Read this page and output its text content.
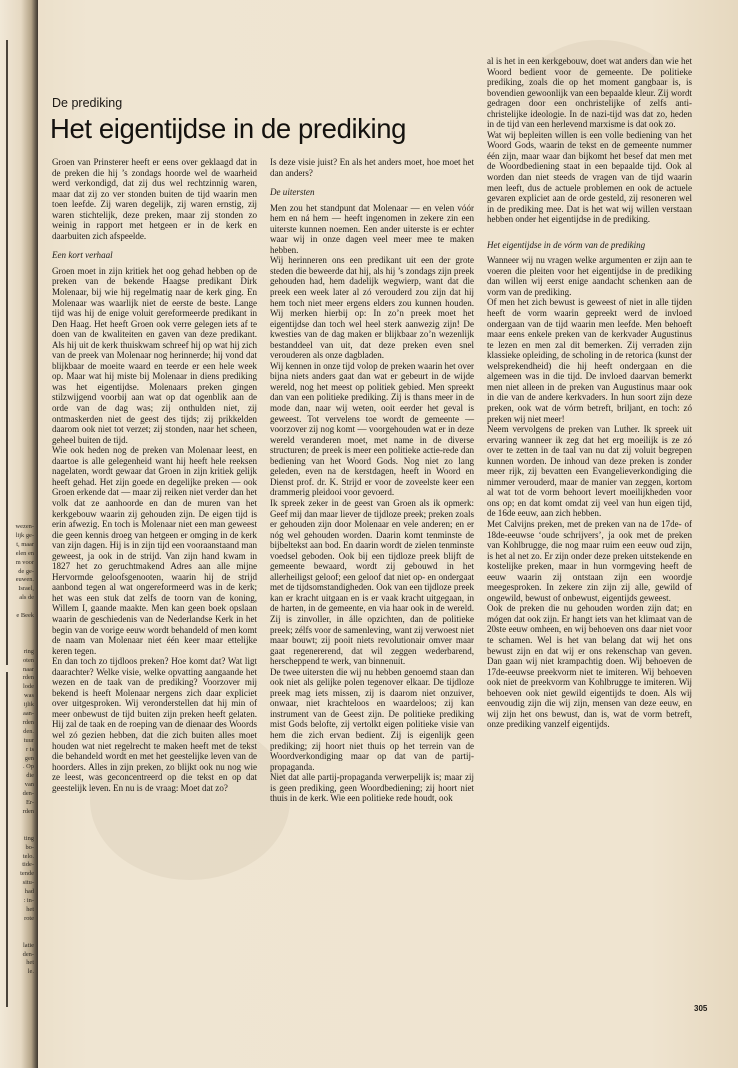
wezen-
lijk ge-
t, maar
elen en
m voor
de ge-
euwen.
Israel,
als de

e Beek

ring
oten
naar
rden
lode
was
ijlik
aan-
rden
den.
tuur
r is
gen
. Op
die
van
den-
Er-
rden

ting
bo-
telo.
tide-
tende
situ-
had
: in-
het
rote

latie
den-
het
le.
De prediking
Het eigentijdse in de prediking

Groen van Prinsterer heeft er eens over geklaagd dat in de preken die hij ’s zondags hoorde wel de waarheid werd verkondigd, dat zij dus wel rechtzinnig waren, maar dat zij zo ver stonden buiten de tijd waarin men toen leefde. Zij waren degelijk, zij waren ernstig, zij waren stichtelijk, deze preken, maar zij stonden zo weinig in rapport met hetgeen er in de kerk en daarbuiten zich afspeelde.

Een kort verhaal

Groen moet in zijn kritiek het oog gehad hebben op de preken van de bekende Haagse predikant Dirk Molenaar, bij wie hij regelmatig naar de kerk ging. En Molenaar was waarlijk niet de eerste de beste. Lange tijd was hij de enige voluit gereformeerde predikant in Den Haag. Het heeft Groen ook verre gelegen iets af te doen van de kwaliteiten en gaven van deze predikant. Als hij uit de kerk thuiskwam schreef hij op wat hij zich van de preek van Molenaar nog herinnerde; hij vond dat blijkbaar de moeite waard en teerde er een hele week op. Maar wat hij miste bij Molenaar in diens prediking was het eigentijdse. Molenaars preken gingen stilzwijgend voorbij aan wat op dat ogenblik aan de orde van de dag was; zij onthulden niet, zij ontmaskerden niet de geest des tijds; zij prikkelden daarom ook niet tot verzet; zij stonden, naar het scheen, geheel buiten de tijd.

Wie ook heden nog de preken van Molenaar leest, en daartoe is alle gelegenheid want hij heeft hele reeksen nagelaten, wordt gewaar dat Groen in zijn kritiek gelijk heeft gehad. Het zijn goede en degelijke preken — ook Groen erkende dat — maar zij reiken niet verder dan het volk dat ze aanhoorde en dan de muren van het kerkgebouw waarin zij gehouden zijn. De eigen tijd is erin afwezig. En toch is Molenaar niet een man geweest die geen kennis droeg van hetgeen er omging in de kerk van zijn dagen. Hij is in zijn tijd een vooraanstaand man geweest, ja ook in de strijd. Van zijn hand kwam in 1827 het zo geruchtmakend Adres aan alle mijne Hervormde geloofsgenooten, waarin hij de strijd aanbond tegen al wat ongereformeerd was in de kerk; het was een stuk dat zelfs de toorn van de koning, Willem I, gaande maakte. Men kan geen boek opslaan waarin de geschiedenis van de Nederlandse Kerk in het begin van de vorige eeuw wordt behandeld of men komt de naam van Molenaar niet één keer maar ettelijke keren tegen.

En dan toch zo tijdloos preken? Hoe komt dat? Wat ligt daarachter? Welke visie, welke opvatting aangaande het wezen en de taak van de prediking? Voorzover mij bekend is heeft Molenaar nergens zich daar expliciet over uitgesproken. Wij veronderstellen dat hij min of meer onbewust de tijd buiten zijn preken heeft gelaten. Hij zal de taak en de roeping van de dienaar des Woords wel zó gezien hebben, dat die zich buiten alles moet houden wat niet regelrecht te maken heeft met de tekst die behandeld wordt en met het geestelijke leven van de hoorders. Alles in zijn preken, zo blijkt ook nu nog wie ze leest, was geconcentreerd op die tekst en op dat geestelijk leven. En nu is de vraag: Moet dat zo?

Is deze visie juist? En als het anders moet, hoe moet het dan anders?

De uitersten

Men zou het standpunt dat Molenaar — en velen vóór hem en ná hem — heeft ingenomen in zekere zin een uiterste kunnen noemen. Een ander uiterste is er echter waar wij in onze dagen veel meer mee te maken hebben.

Wij herinneren ons een predikant uit een der grote steden die beweerde dat hij, als hij ’s zondags zijn preek gehouden had, hem dadelijk wegwierp, want dat die preek een week later al zó verouderd zou zijn dat hij hem toch niet meer ergens elders zou kunnen houden. Wij merken hierbij op: In zo’n preek moet het eigentijdse dan toch wel heel sterk aanwezig zijn! De kwesties van de dag maken er blijkbaar zo’n wezenlijk bestanddeel van uit, dat deze preken even snel verouderen als onze dagbladen.

Wij kennen in onze tijd volop de preken waarin het over bijna niets anders gaat dan wat er gebeurt in de wijde wereld, nog het meest op politiek gebied. Men spreekt dan van een politieke prediking. Zij is thans meer in de mode dan, naar wij weten, ooit eerder het geval is geweest. Tot vervelens toe wordt de gemeente — voorzover zij nog komt — voorgehouden wat er in deze wereld veranderen moet, met name in de diverse structuren; de preek is meer een politieke actie-rede dan bediening van het Woord Gods. Nog niet zo lang geleden, even na de kerstdagen, heeft in Woord en Dienst prof. dr. K. Strijd er voor de zoveelste keer een drammerig pleidooi voor gevoerd.

Ik spreek zeker in de geest van Groen als ik opmerk: Geef mij dan maar liever de tijdloze preek; preken zoals er gehouden zijn door Molenaar en vele anderen; en er nóg wel gehouden worden. Daarin komt tenminste de bijbeltekst aan bod. En daarin wordt de zielen tenminste voedsel geboden. Ook bij een tijdloze preek blijft de gemeente bewaard, wordt zij gebouwd in het allerheiligst geloof; een geloof dat niet op- en ondergaat met de tijdsomstandigheden. Ook van een tijdloze preek kan er kracht uitgaan en is er vaak kracht uitgegaan, in de harten, in de gemeente, en via haar ook in de wereld. Zij is zinvoller, in álle opzichten, dan de politieke preek; zélfs voor de samenleving, want zij verwoest niet maar bouwt; zij pooit niets revolutionair omver maar gaat regenererend, dat wil zeggen wederbarend, herscheppend te werk, van binnenuit.

De twee uitersten die wij nu hebben genoemd staan dan ook niet als gelijke polen tegenover elkaar. De tijdloze preek mag iets missen, zij is daarom niet onzuiver, onwaar, niet krachteloos en waardeloos; zij kan instrument van de Geest zijn. De politieke prediking mist Gods belofte, zij vertolkt eigen politieke visie van hem die zich ervan bedient. Zij is eigenlijk geen prediking; zij hoort niet thuis op het terrein van de Woordverkondiging maar op dat van de partij-propaganda.

Niet dat alle partij-propaganda verwerpelijk is; maar zij is geen prediking, geen Woordbediening; zij hoort niet thuis in de kerk. Wie een politieke rede houdt, ook

al is het in een kerkgebouw, doet wat anders dan wie het Woord bedient voor de gemeente. De politieke prediking, zoals die op het moment gangbaar is, is bovendien gewoonlijk van een bepaalde kleur. Zij wordt gedragen door een onchristelijke of zelfs anti-christelijke ideologie. In de nazi-tijd was dat zo, heden in de tijd van een herlevend marxisme is dat ook zo.

Wat wij bepleiten willen is een volle bediening van het Woord Gods, waarin de tekst en de gemeente nummer één zijn, maar waar dan bijkomt het besef dat men met de Woordbediening staat in een bepaalde tijd. Ook al worden dan niet steeds de vragen van de tijd waarin men leeft, dus de actuele problemen en ook de actuele gevaren expliciet aan de orde gesteld, zij resoneren wel in de prediking mee. Dat is het wat wij willen verstaan hebben onder het eigentijdse in de prediking.

Het eigentijdse in de vórm van de prediking

Wanneer wij nu vragen welke argumenten er zijn aan te voeren die pleiten voor het eigentijdse in de prediking dan willen wij eerst enige aandacht schenken aan de vorm van de prediking.

Of men het zich bewust is geweest of niet in alle tijden heeft de vorm waarin gepreekt werd de invloed ondergaan van de tijd waarin men leefde. Men behoeft maar eens enkele preken van de kerkvader Augustinus te lezen en men zal dit bemerken. Zij verraden zijn klassieke opleiding, de scholing in de retorica (kunst der welsprekendheid) die hij heeft ondergaan en die algemeen was in die tijd. De invloed daarvan bemerkt men niet alleen in de preken van Augustinus maar ook in die van de andere kerkvaders. In hun soort zijn deze preken, ook wat de vórm betreft, briljant, en toch: zó preken wij niet meer!

Neem vervolgens de preken van Luther. Ik spreek uit ervaring wanneer ik zeg dat het erg moeilijk is ze zó over te zetten in de taal van nu dat zij voluit begrepen kunnen worden. De inhoud van deze preken is zonder meer rijk, zij bevatten een Evangelieverkondiging die nimmer verouderd, maar de manier van zeggen, kortom al wat tot de vorm behoort levert moeilijkheden voor ons op; en dat komt omdat zij veel van hun eigen tijd, de 16de eeuw, aan zich hebben.

Met Calvijns preken, met de preken van na de 17de- of 18de-eeuwse ‘oude schrijvers’, ja ook met de preken van Kohlbrugge, die nog maar ruim een eeuw oud zijn, is het al net zo. Er zijn onder deze preken uitstekende en kostelijke preken, maar in hun vormgeving heeft de eeuw waarin zij ontstaan zijn een woordje meegesproken. In zekere zin zijn zij alle, gewild of ongewild, bewust of onbewust, eigentijds geweest.

Ook de preken die nu gehouden worden zijn dat; en mógen dat ook zijn. Er hangt iets van het klimaat van de 20ste eeuw omheen, en wij behoeven ons daar niet voor te schamen. Wel is het van belang dat wij het ons bewust zijn en dat wij er ons rekenschap van geven. Dan gaan wij niet krampachtig doen. Wij behoeven de 17de-eeuwse preekvorm niet te imiteren. Wij behoeven ook niet de preekvorm van Kohlbrugge te imiteren. Wij behoeven ook niet gewild eigentijds te doen. Als wij eenvoudig zijn die wij zijn, mensen van deze eeuw, en wij zijn het ons bewust, dan is, wat de vorm betreft, onze prediking vanzelf eigentijds.

305
